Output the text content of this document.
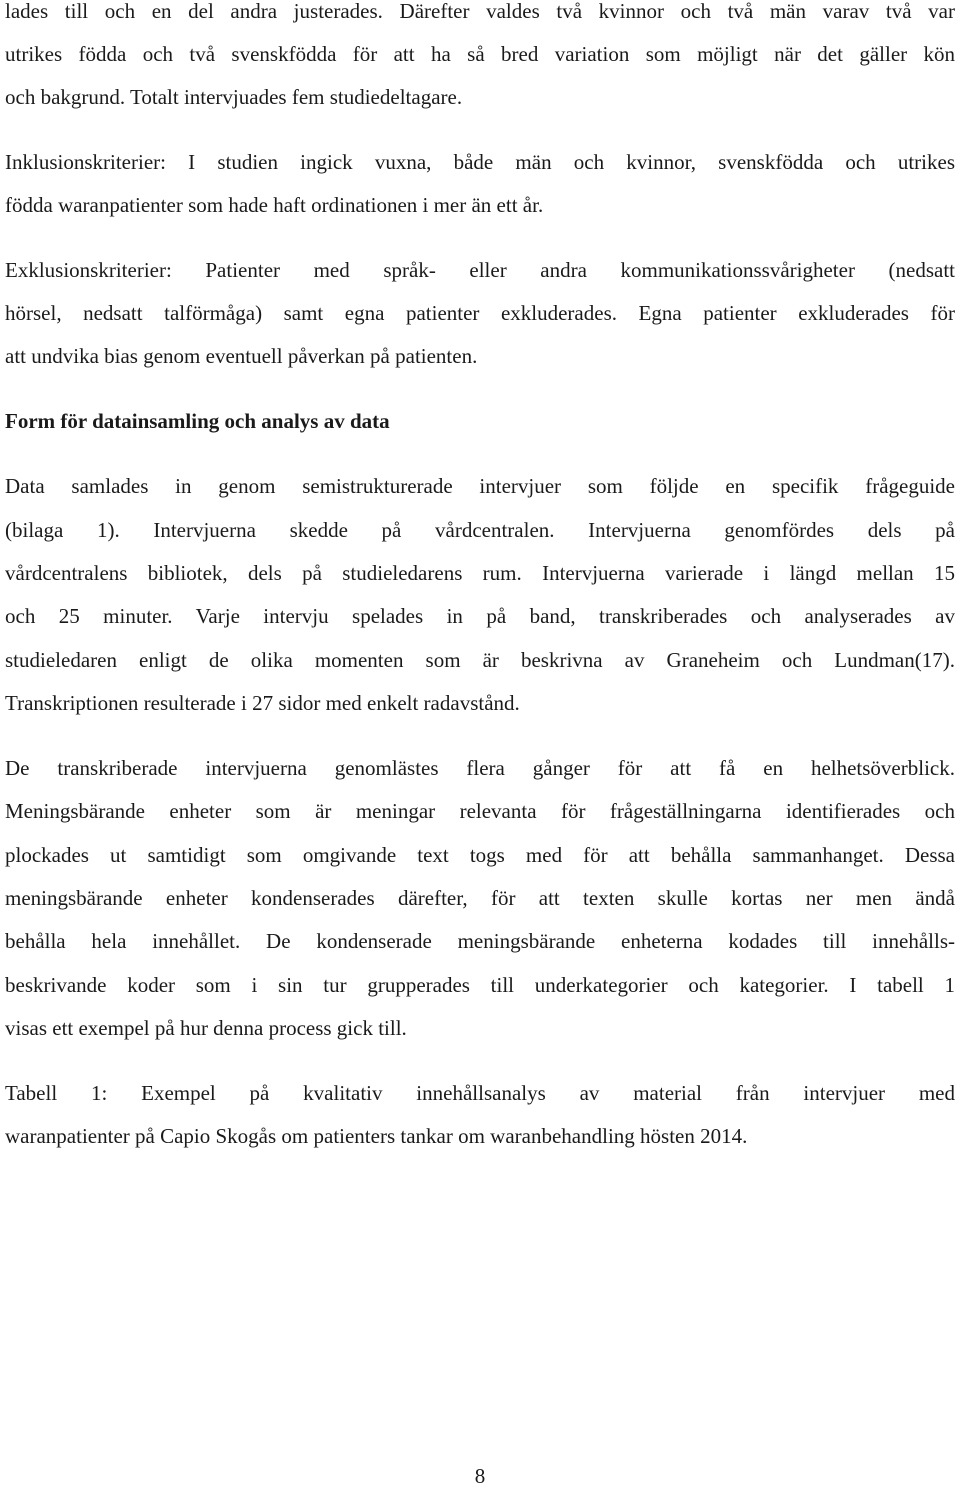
lades till och en del andra justerades. Därefter valdes två kvinnor och två män varav två var
utrikes födda och två svenskfödda för att ha så bred variation som möjligt när det gäller kön
och bakgrund. Totalt intervjuades fem studiedeltagare.
Inklusionskriterier: I studien ingick vuxna, både män och kvinnor, svenskfödda och utrikes
födda waranpatienter som hade haft ordinationen i mer än ett år.
Exklusionskriterier: Patienter med språk- eller andra kommunikationssvårigheter (nedsatt
hörsel, nedsatt talförmåga) samt egna patienter exkluderades. Egna patienter exkluderades för
att undvika bias genom eventuell påverkan på patienten.
Form för datainsamling och analys av data
Data samlades in genom semistrukturerade intervjuer som följde en specifik frågeguide
(bilaga 1). Intervjuerna skedde på vårdcentralen. Intervjuerna genomfördes dels på
vårdcentralens bibliotek, dels på studieledarens rum. Intervjuerna varierade i längd mellan 15
och 25 minuter. Varje intervju spelades in på band, transkriberades och analyserades av
studieledaren enligt de olika momenten som är beskrivna av Graneheim och Lundman(17).
Transkriptionen resulterade i 27 sidor med enkelt radavstånd.
De transkriberade intervjuerna genomlästes flera gånger för att få en helhetsöverblick.
Meningsbärande enheter som är meningar relevanta för frågeställningarna identifierades och
plockades ut samtidigt som omgivande text togs med för att behålla sammanhanget. Dessa
meningsbärande enheter kondenserades därefter, för att texten skulle kortas ner men ändå
behålla hela innehållet. De kondenserade meningsbärande enheterna kodades till innehålls-
beskrivande koder som i sin tur grupperades till underkategorier och kategorier. I tabell 1
visas ett exempel på hur denna process gick till.
Tabell 1: Exempel på kvalitativ innehållsanalys av material från intervjuer med
waranpatienter på Capio Skogås om patienters tankar om waranbehandling hösten 2014.
8
